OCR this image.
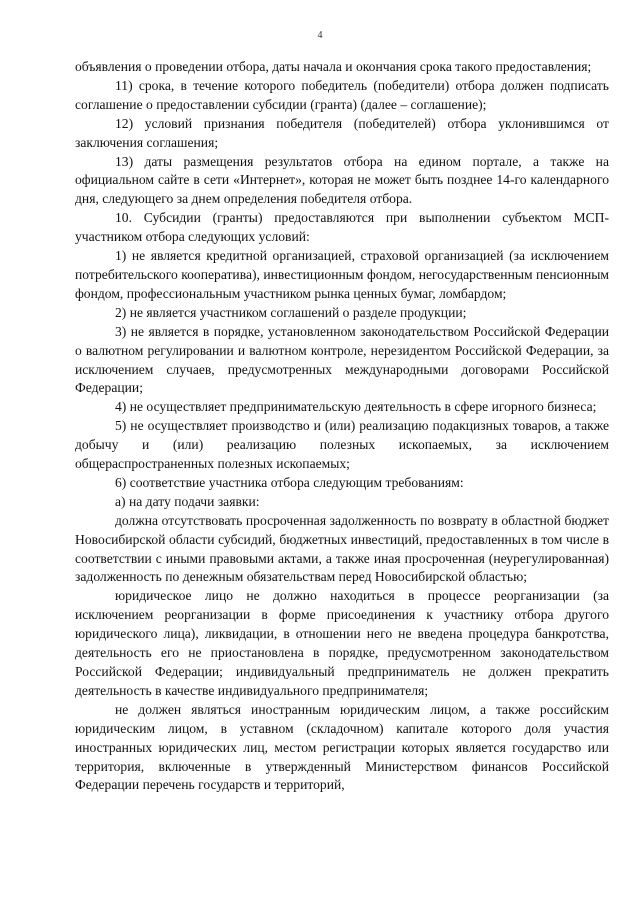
4

объявления о проведении отбора, даты начала и окончания срока такого предоставления;

11) срока, в течение которого победитель (победители) отбора должен подписать соглашение о предоставлении субсидии (гранта) (далее – соглашение);

12) условий признания победителя (победителей) отбора уклонившимся от заключения соглашения;

13) даты размещения результатов отбора на едином портале, а также на официальном сайте в сети «Интернет», которая не может быть позднее 14-го календарного дня, следующего за днем определения победителя отбора.

10. Субсидии (гранты) предоставляются при выполнении субъектом МСП-участником отбора следующих условий:

1) не является кредитной организацией, страховой организацией (за исключением потребительского кооператива), инвестиционным фондом, негосударственным пенсионным фондом, профессиональным участником рынка ценных бумаг, ломбардом;

2) не является участником соглашений о разделе продукции;

3) не является в порядке, установленном законодательством Российской Федерации о валютном регулировании и валютном контроле, нерезидентом Российской Федерации, за исключением случаев, предусмотренных международными договорами Российской Федерации;

4) не осуществляет предпринимательскую деятельность в сфере игорного бизнеса;

5) не осуществляет производство и (или) реализацию подакцизных товаров, а также добычу и (или) реализацию полезных ископаемых, за исключением общераспространенных полезных ископаемых;

6) соответствие участника отбора следующим требованиям:

а) на дату подачи заявки:

должна отсутствовать просроченная задолженность по возврату в областной бюджет Новосибирской области субсидий, бюджетных инвестиций, предоставленных в том числе в соответствии с иными правовыми актами, а также иная просроченная (неурегулированная) задолженность по денежным обязательствам перед Новосибирской областью;

юридическое лицо не должно находиться в процессе реорганизации (за исключением реорганизации в форме присоединения к участнику отбора другого юридического лица), ликвидации, в отношении него не введена процедура банкротства, деятельность его не приостановлена в порядке, предусмотренном законодательством Российской Федерации; индивидуальный предприниматель не должен прекратить деятельность в качестве индивидуального предпринимателя;

не должен являться иностранным юридическим лицом, а также российским юридическим лицом, в уставном (складочном) капитале которого доля участия иностранных юридических лиц, местом регистрации которых является государство или территория, включенные в утвержденный Министерством финансов Российской Федерации перечень государств и территорий,
